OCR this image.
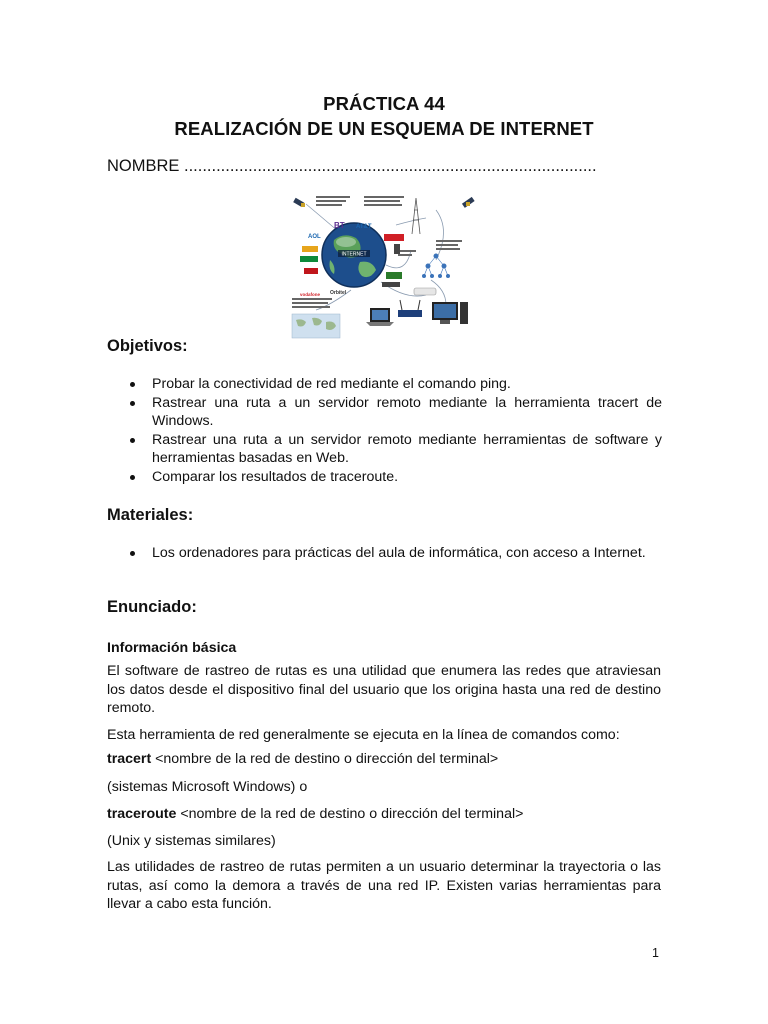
PRÁCTICA 44
REALIZACIÓN DE UN ESQUEMA DE INTERNET
NOMBRE ..........................................................................................
INTERNET
BT AT&T
AOL
vodafone Orbitel
Objetivos:
Probar la conectividad de red mediante el comando ping.
Rastrear una ruta a un servidor remoto mediante la herramienta tracert de Windows.
Rastrear una ruta a un servidor remoto mediante herramientas de software y herramientas basadas en Web.
Comparar los resultados de traceroute.
Materiales:
Los ordenadores para prácticas del aula de informática, con acceso a Internet.
Enunciado:
Información básica

El software de rastreo de rutas es una utilidad que enumera las redes que atraviesan los datos desde el dispositivo final del usuario que los origina hasta una red de destino remoto.

Esta herramienta de red generalmente se ejecuta en la línea de comandos como:

tracert <nombre de la red de destino o dirección del terminal>

(sistemas Microsoft Windows) o

traceroute <nombre de la red de destino o dirección del terminal>

(Unix y sistemas similares)

Las utilidades de rastreo de rutas permiten a un usuario determinar la trayectoria o las rutas, así como la demora a través de una red IP. Existen varias herramientas para llevar a cabo esta función.

1
